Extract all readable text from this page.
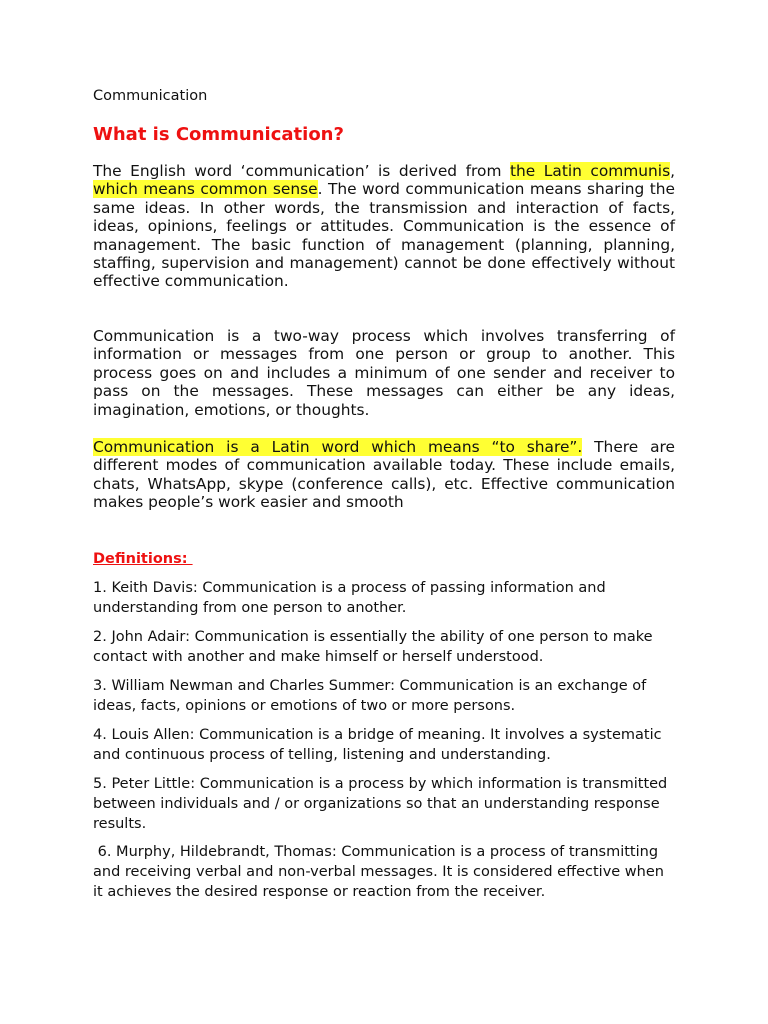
Communication

What is Communication?

The English word ‘communication’ is derived from the Latin communis, which means common sense. The word communication means sharing the same ideas. In other words, the transmission and interaction of facts, ideas, opinions, feelings or attitudes. Communication is the essence of management. The basic function of management (planning, planning, staffing, supervision and management) cannot be done effectively without effective communication.

Communication is a two-way process which involves transferring of information or messages from one person or group to another. This process goes on and includes a minimum of one sender and receiver to pass on the messages. These messages can either be any ideas, imagination, emotions, or thoughts.

Communication is a Latin word which means “to share”. There are different modes of communication available today. These include emails, chats, WhatsApp, skype (conference calls), etc. Effective communication makes people’s work easier and smooth

Definitions:

1. Keith Davis: Communication is a process of passing information and understanding from one person to another.

2. John Adair: Communication is essentially the ability of one person to make contact with another and make himself or herself understood.

3. William Newman and Charles Summer: Communication is an exchange of ideas, facts, opinions or emotions of two or more persons.

4. Louis Allen: Communication is a bridge of meaning. It involves a systematic and continuous process of telling, listening and understanding.

5. Peter Little: Communication is a process by which information is transmitted between individuals and / or organizations so that an understanding response results.

6. Murphy, Hildebrandt, Thomas: Communication is a process of transmitting and receiving verbal and non-verbal messages. It is considered effective when it achieves the desired response or reaction from the receiver.
